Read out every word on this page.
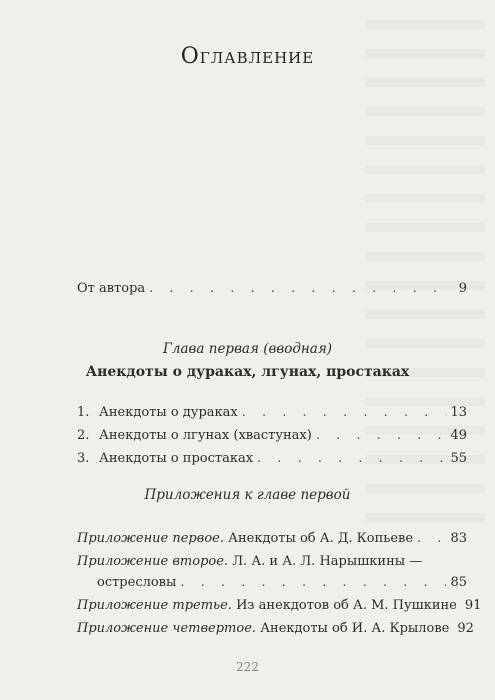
Оглавление
От автора . . .	9
Глава первая (вводная)
Анекдоты о дураках, лгунах, простаках
1. Анекдоты о дураках . . .	13
2. Анекдоты о лгунах (хвастунах) . . .	49
3. Анекдоты о простаках . . .	55
Приложения к главе первой
Приложение первое. Анекдоты об А. Д. Копьеве . . .	83
Приложение второе. Л. А. и А. Л. Нарышкины —
остресловы . . .	85
Приложение третье. Из анекдотов об А. М. Пушкине 91
Приложение четвертое. Анекдоты об И. А. Крылове 92
222
